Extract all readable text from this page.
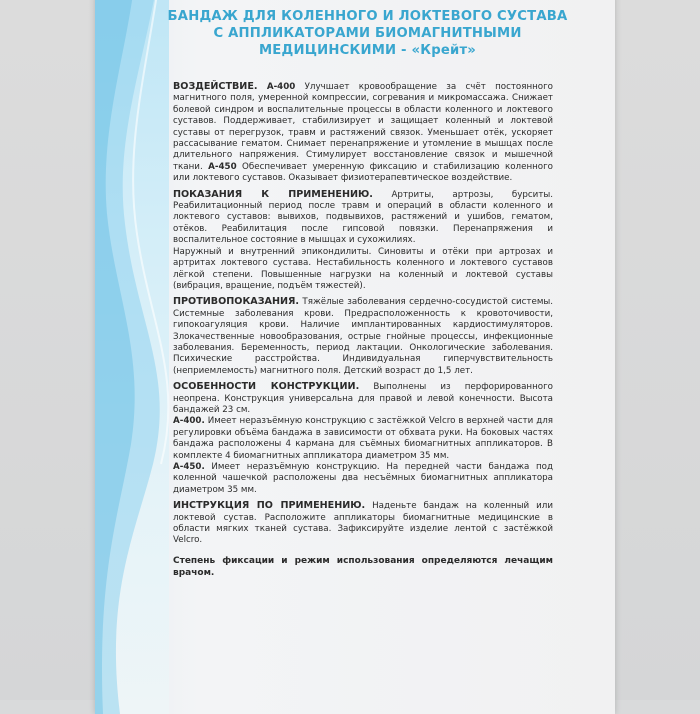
БАНДАЖ ДЛЯ КОЛЕННОГО И ЛОКТЕВОГО СУСТАВА
С АППЛИКАТОРАМИ БИОМАГНИТНЫМИ
МЕДИЦИНСКИМИ - «Крейт»

ВОЗДЕЙСТВИЕ. А-400 Улучшает кровообращение за счёт постоянного магнитного поля, умеренной компрессии, согревания и микромассажа. Снижает болевой синдром и воспалительные процессы в области коленного и локтевого суставов. Поддерживает, стабилизирует и защищает коленный и локтевой суставы от перегрузок, травм и растяжений связок. Уменьшает отёк, ускоряет рассасывание гематом. Снимает перенапряжение и утомление в мышцах после длительного напряжения. Стимулирует восстановление связок и мышечной ткани. А-450 Обеспечивает умеренную фиксацию и стабилизацию коленного или локтевого суставов. Оказывает физиотерапевтическое воздействие.

ПОКАЗАНИЯ К ПРИМЕНЕНИЮ. Артриты, артрозы, бурситы. Реабилитационный период после травм и операций в области коленного и локтевого суставов: вывихов, подвывихов, растяжений и ушибов, гематом, отёков. Реабилитация после гипсовой повязки. Перенапряжения и воспалительное состояние в мышцах и сухожилиях.

Наружный и внутренний эпикондилиты. Синовиты и отёки при артрозах и артритах локтевого сустава. Нестабильность коленного и локтевого суставов лёгкой степени. Повышенные нагрузки на коленный и локтевой суставы (вибрация, вращение, подъём тяжестей).

ПРОТИВОПОКАЗАНИЯ. Тяжёлые заболевания сердечно-сосудистой системы. Системные заболевания крови. Предрасположенность к кровоточивости, гипокоагуляция крови. Наличие имплантированных кардиостимуляторов. Злокачественные новообразования, острые гнойные процессы, инфекционные заболевания. Беременность, период лактации. Онкологические заболевания. Психические расстройства. Индивидуальная гиперчувствительность (неприемлемость) магнитного поля. Детский возраст до 1,5 лет.

ОСОБЕННОСТИ КОНСТРУКЦИИ. Выполнены из перфорированного неопрена. Конструкция универсальна для правой и левой конечности. Высота бандажей 23 см.

А-400. Имеет неразъёмную конструкцию с застёжкой Velcro в верхней части для регулировки объёма бандажа в зависимости от обхвата руки. На боковых частях бандажа расположены 4 кармана для съёмных биомагнитных аппликаторов. В комплекте 4 биомагнитных аппликатора диаметром 35 мм.

А-450. Имеет неразъёмную конструкцию. На передней части бандажа под коленной чашечкой расположены два несъёмных биомагнитных аппликатора диаметром 35 мм.

ИНСТРУКЦИЯ ПО ПРИМЕНЕНИЮ. Наденьте бандаж на коленный или локтевой сустав. Расположите аппликаторы биомагнитные медицинские в области мягких тканей сустава. Зафиксируйте изделие лентой с застёжкой Velcro.

Степень фиксации и режим использования определяются лечащим врачом.
